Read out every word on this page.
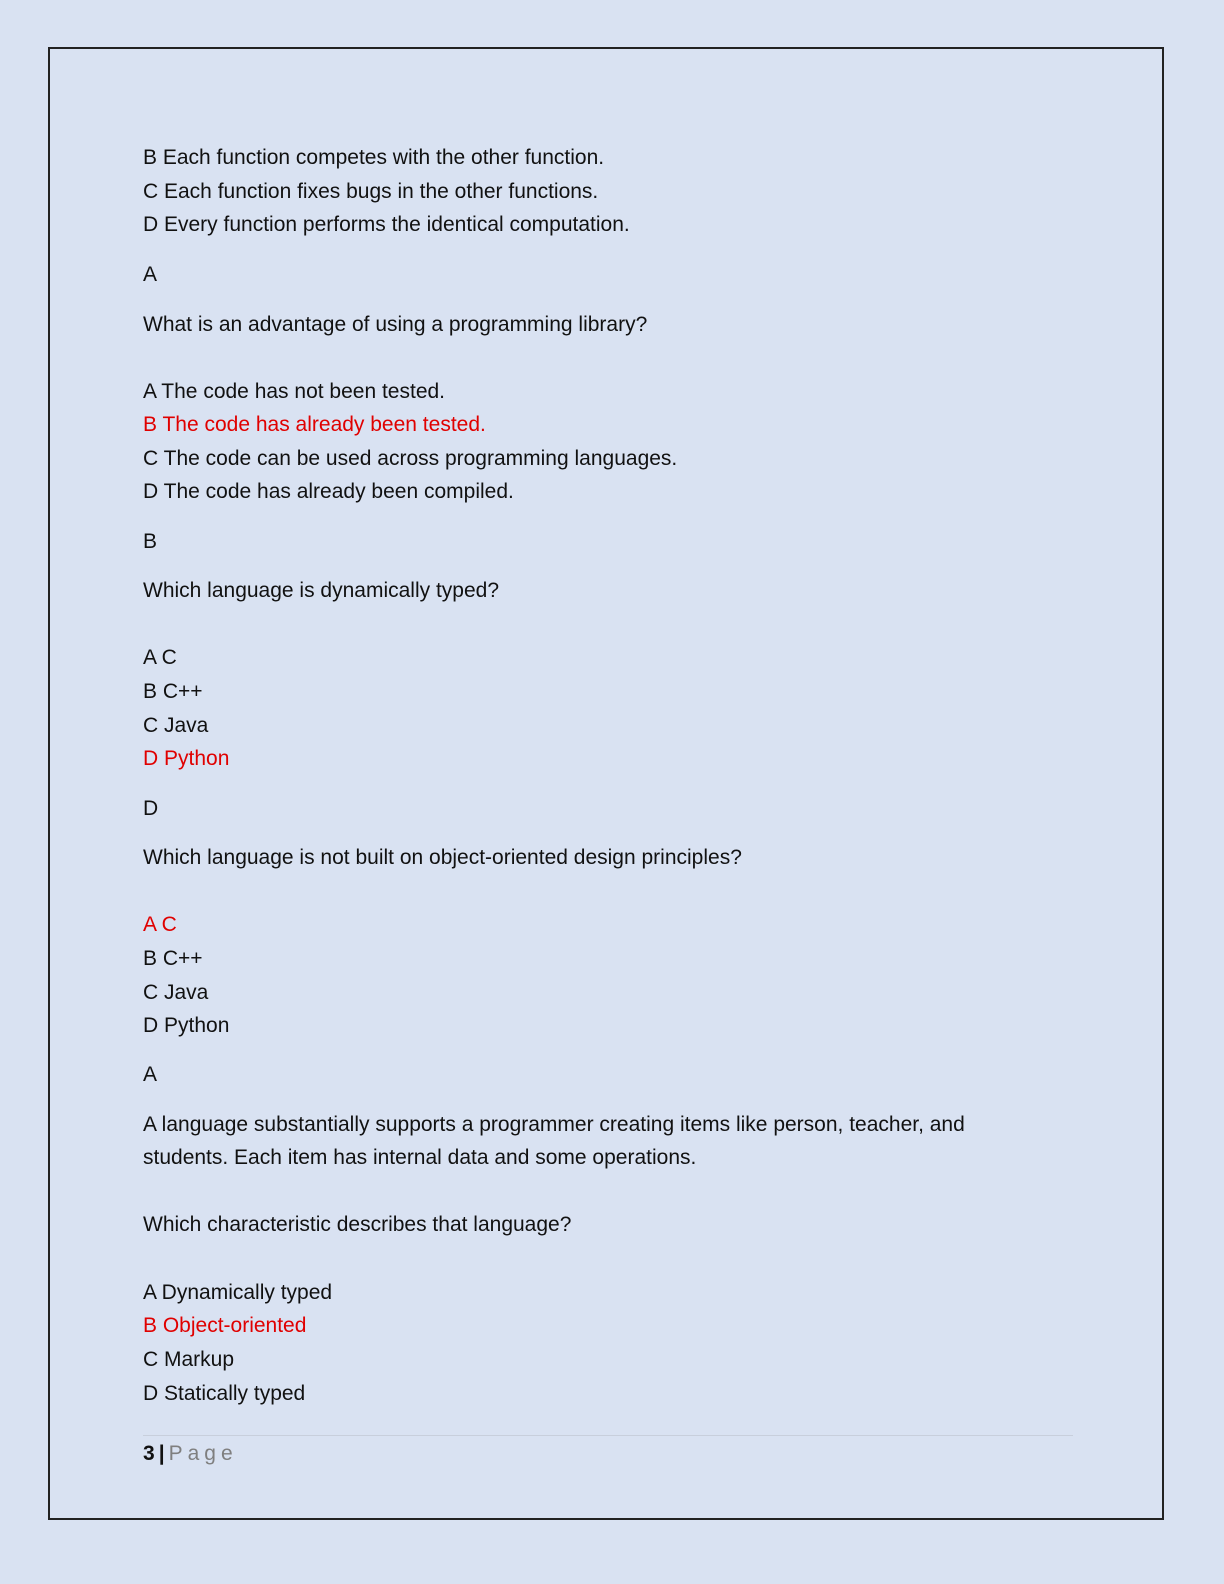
B Each function competes with the other function.
C Each function fixes bugs in the other functions.
D Every function performs the identical computation.
A
What is an advantage of using a programming library?
A The code has not been tested.
B The code has already been tested.
C The code can be used across programming languages.
D The code has already been compiled.
B
Which language is dynamically typed?
A C
B C++
C Java
D Python
D
Which language is not built on object-oriented design principles?
A C
B C++
C Java
D Python
A
A language substantially supports a programmer creating items like person, teacher, and
students. Each item has internal data and some operations.
Which characteristic describes that language?
A Dynamically typed
B Object-oriented
C Markup
D Statically typed
3 | Page
